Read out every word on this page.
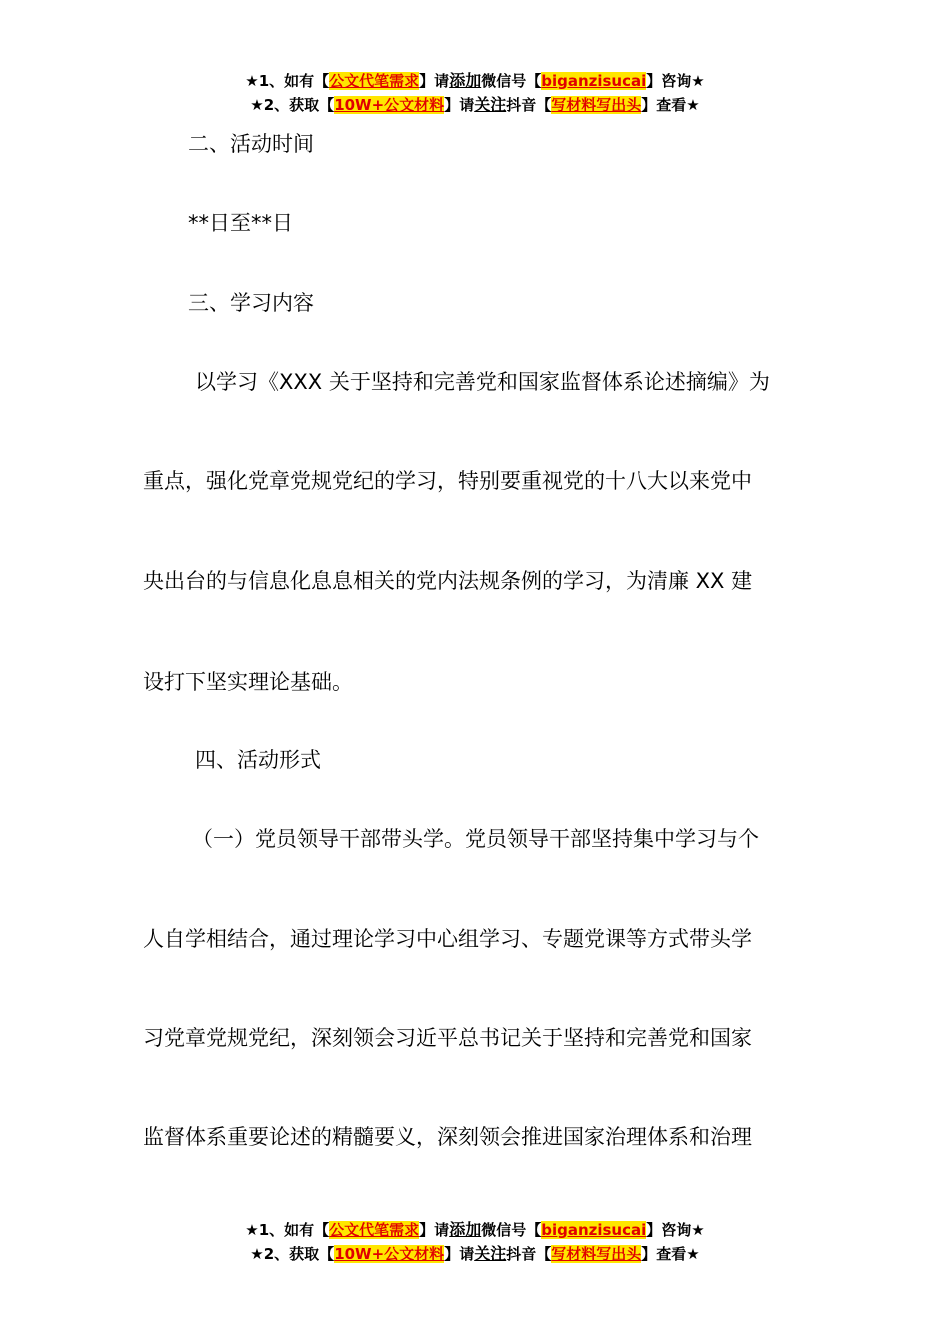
★1、如有【公文代笔需求】请添加微信号【biganzisucai】咨询★
★2、获取【10W+公文材料】请关注抖音【写材料写出头】查看★
二、活动时间
**日至**日
三、学习内容
以学习《XXX 关于坚持和完善党和国家监督体系论述摘编》为
重点，强化党章党规党纪的学习，特别要重视党的十八大以来党中
央出台的与信息化息息相关的党内法规条例的学习，为清廉 XX 建
设打下坚实理论基础。
四、活动形式
（一）党员领导干部带头学。党员领导干部坚持集中学习与个
人自学相结合，通过理论学习中心组学习、专题党课等方式带头学
习党章党规党纪，深刻领会习近平总书记关于坚持和完善党和国家
监督体系重要论述的精髓要义，深刻领会推进国家治理体系和治理
★1、如有【公文代笔需求】请添加微信号【biganzisucai】咨询★
★2、获取【10W+公文材料】请关注抖音【写材料写出头】查看★
